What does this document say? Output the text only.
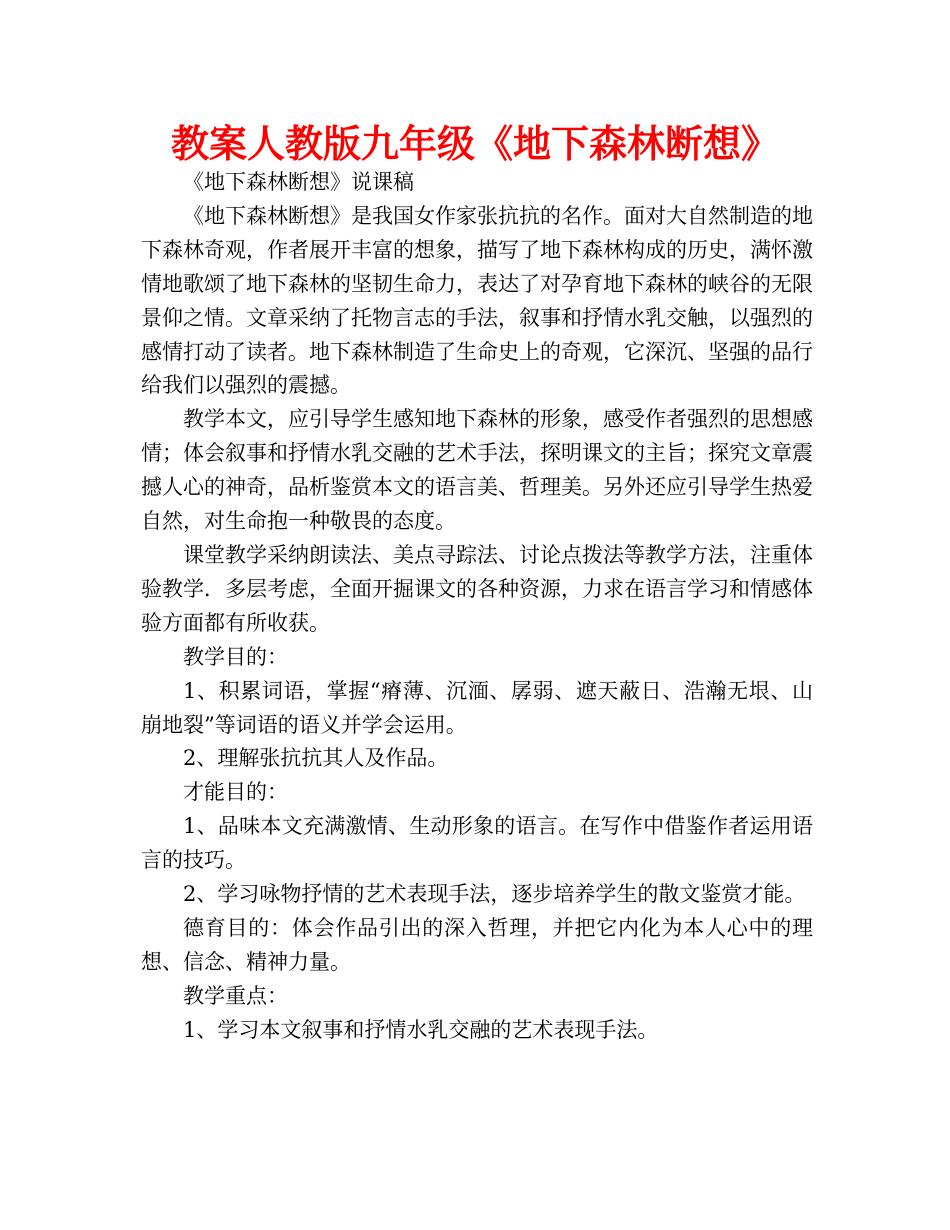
教案人教版九年级《地下森林断想》

《地下森林断想》说课稿

《地下森林断想》是我国女作家张抗抗的名作。面对大自然制造的地下森林奇观，作者展开丰富的想象，描写了地下森林构成的历史，满怀激情地歌颂了地下森林的坚韧生命力，表达了对孕育地下森林的峡谷的无限景仰之情。文章采纳了托物言志的手法，叙事和抒情水乳交触，以强烈的感情打动了读者。地下森林制造了生命史上的奇观，它深沉、坚强的品行给我们以强烈的震撼。

教学本文，应引导学生感知地下森林的形象，感受作者强烈的思想感情；体会叙事和抒情水乳交融的艺术手法，探明课文的主旨；探究文章震撼人心的神奇，品析鉴赏本文的语言美、哲理美。另外还应引导学生热爱自然，对生命抱一种敬畏的态度。

课堂教学采纳朗读法、美点寻踪法、讨论点拨法等教学方法，注重体验教学．多层考虑，全面开掘课文的各种资源，力求在语言学习和情感体验方面都有所收获。

教学目的：

1、积累词语，掌握“瘠薄、沉湎、孱弱、遮天蔽日、浩瀚无垠、山崩地裂”等词语的语义并学会运用。

2、理解张抗抗其人及作品。

才能目的：

1、品味本文充满激情、生动形象的语言。在写作中借鉴作者运用语言的技巧。

2、学习咏物抒情的艺术表现手法，逐步培养学生的散文鉴赏才能。

德育目的：体会作品引出的深入哲理，并把它内化为本人心中的理想、信念、精神力量。

教学重点：

1、学习本文叙事和抒情水乳交融的艺术表现手法。
